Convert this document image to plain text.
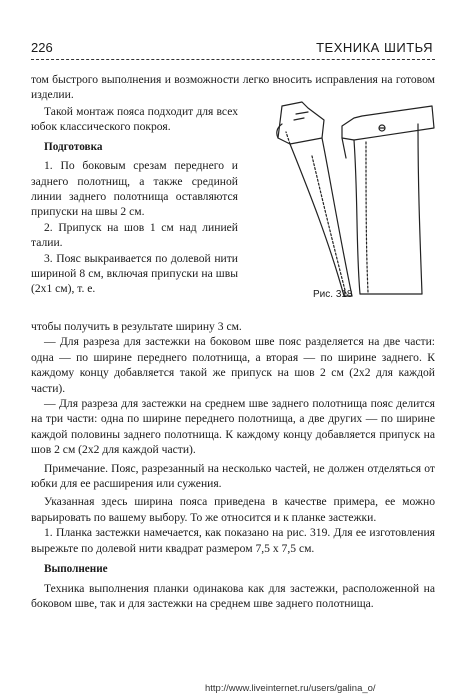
226	ТЕХНИКА ШИТЬЯ

том быстрого выполнения и возможности легко вносить исправления на готовом изделии.

Такой монтаж пояса подходит для всех юбок классического покроя.

Подготовка

1. По боковым срезам переднего и заднего полотнищ, а также срединой линии заднего полотнища оставляются припуски на швы 2 см.

2. Припуск на шов 1 см над линией талии.

3. Пояс выкраивается по долевой нити шириной 8 см, включая припуски на швы (2x1 см), т. е.	Рис. 318

чтобы получить в результате ширину 3 см.

— Для разреза для застежки на боковом шве пояс разделяется на две части: одна — по ширине переднего полотнища, а вторая — по ширине заднего. К каждому концу добавляется такой же припуск на шов 2 см (2x2 для каждой части).

— Для разреза для застежки на среднем шве заднего полотнища пояс делится на три части: одна по ширине переднего полотнища, а две других — по ширине каждой половины заднего полотнища. К каждому концу добавляется припуск на шов 2 см (2x2 для каждой части).

Примечание. Пояс, разрезанный на несколько частей, не должен отделяться от юбки для ее расширения или сужения.

Указанная здесь ширина пояса приведена в качестве примера, ее можно варьировать по вашему выбору. То же относится и к планке застежки.

1. Планка застежки намечается, как показано на рис. 319. Для ее изготовления вырежьте по долевой нити квадрат размером 7,5 x 7,5 см.

Выполнение

Техника выполнения планки одинакова как для застежки, расположенной на боковом шве, так и для застежки на среднем шве заднего полотнища.

http://www.liveinternet.ru/users/galina_o/
